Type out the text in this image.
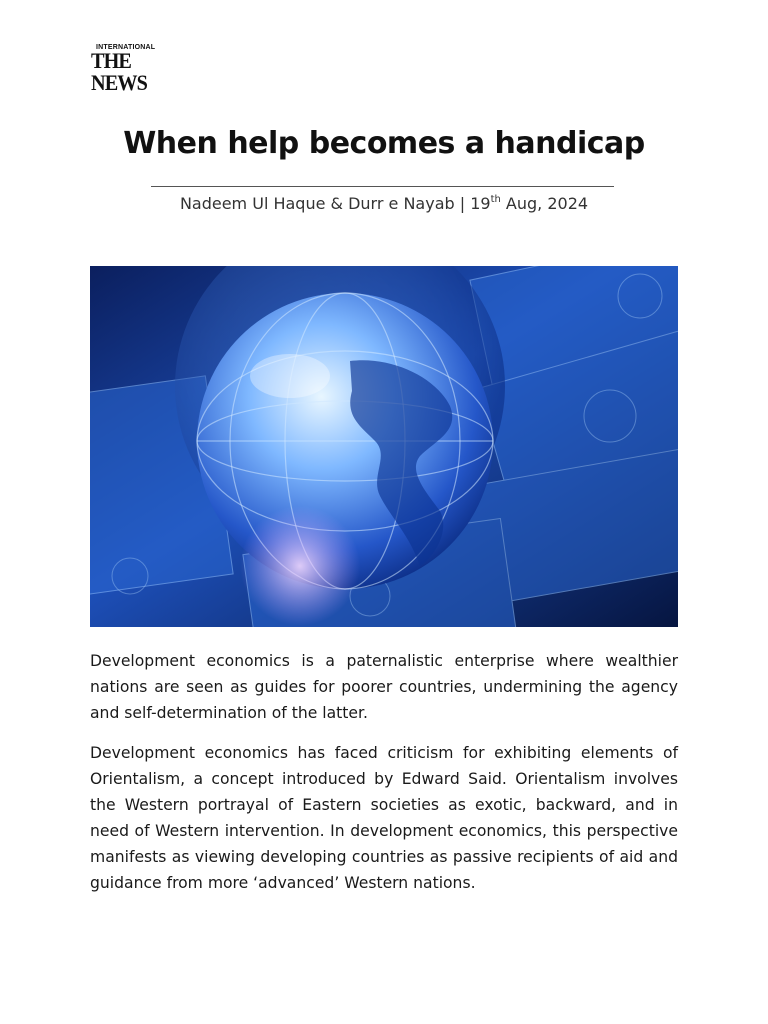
INTERNATIONAL
THE NEWS
When help becomes a handicap
Nadeem Ul Haque & Durr e Nayab | 19th Aug, 2024

Development economics is a paternalistic enterprise where wealthier nations are seen as guides for poorer countries, undermining the agency and self-determination of the latter.

Development economics has faced criticism for exhibiting elements of Orientalism, a concept introduced by Edward Said. Orientalism involves the Western portrayal of Eastern societies as exotic, backward, and in need of Western intervention. In development economics, this perspective manifests as viewing developing countries as passive recipients of aid and guidance from more ‘advanced’ Western nations.
